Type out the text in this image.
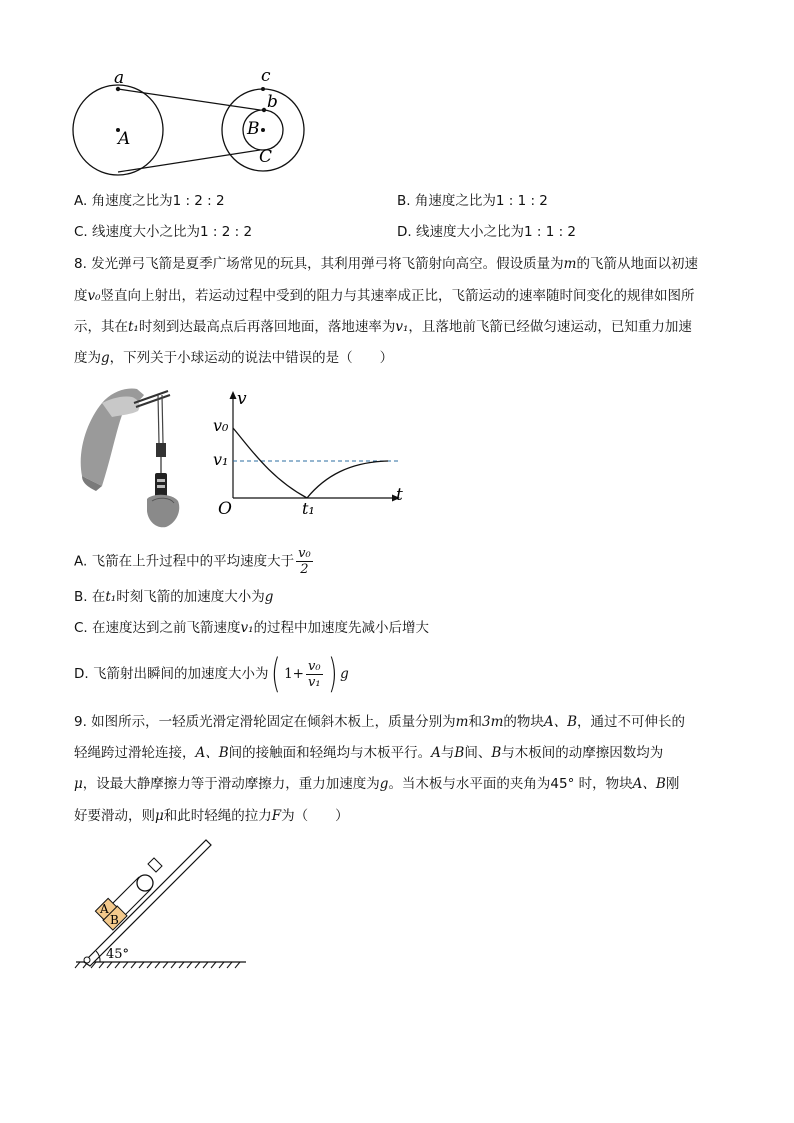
a
A
c
b
B
C
A. 角速度之比为1 : 2 : 2	B. 角速度之比为1 : 1 : 2
C. 线速度大小之比为1 : 2 : 2	D. 线速度大小之比为1 : 1 : 2
8. 发光弹弓飞箭是夏季广场常见的玩具，其利用弹弓将飞箭射向高空。假设质量为m的飞箭从地面以初速
度v₀竖直向上射出，若运动过程中受到的阻力与其速率成正比，飞箭运动的速率随时间变化的规律如图所
示，其在t₁时刻到达最高点后再落回地面，落地速率为v₁，且落地前飞箭已经做匀速运动，已知重力加速
度为g，下列关于小球运动的说法中错误的是（　　）
v
v₀
v₁
O	t₁
t
A. 飞箭在上升过程中的平均速度大于 $\frac{\text{v₀}}{2}$
B. 在t₁时刻飞箭的加速度大小为g
C. 在速度达到之前飞箭速度v₁的过程中加速度先减小后增大
D. 飞箭射出瞬间的加速度大小为( $1+ \frac{\text{v₀}}{\text{v₁}}$ ) g
9. 如图所示，一轻质光滑定滑轮固定在倾斜木板上，质量分别为m和3m的物块A、B，通过不可伸长的
轻绳跨过滑轮连接，A、B间的接触面和轻绳均与木板平行。A与B间、B与木板间的动摩擦因数均为
μ，设最大静摩擦力等于滑动摩擦力，重力加速度为g。当木板与水平面的夹角为45° 时，物块A、B刚
好要滑动，则μ和此时轻绳的拉力F为（　　）
A
B
45°
